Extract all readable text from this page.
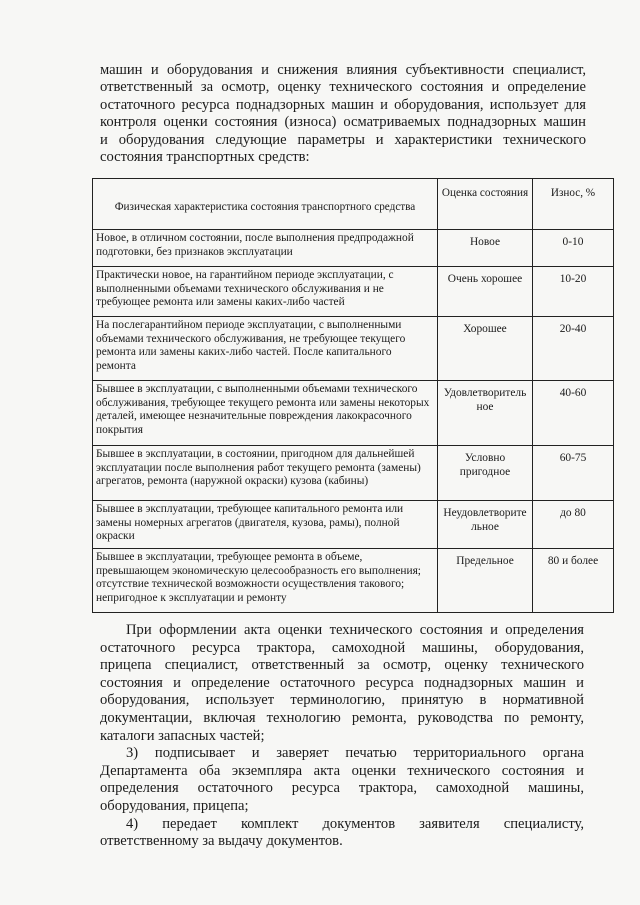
машин и оборудования и снижения влияния субъективности специалист,
ответственный за осмотр, оценку технического состояния и определение
остаточного ресурса поднадзорных машин и оборудования, использует для
контроля оценки состояния (износа) осматриваемых поднадзорных машин
и оборудования следующие параметры и характеристики технического
состояния транспортных средств:
Физическая характеристика состояния транспортного средства	Оценка состояния	Износ, %
Новое, в отличном состоянии, после выполнения предпродажной подготовки, без признаков эксплуатации	Новое	0-10
Практически новое, на гарантийном периоде эксплуатации, с выполненными объемами технического обслуживания и не требующее ремонта или замены каких-либо частей	Очень хорошее	10-20
На послегарантийном периоде эксплуатации, с выполненными объемами технического обслуживания, не требующее текущего ремонта или замены каких-либо частей. После капитального ремонта	Хорошее	20-40
Бывшее в эксплуатации, с выполненными объемами технического обслуживания, требующее текущего ремонта или замены некоторых деталей, имеющее незначительные повреждения лакокрасочного покрытия	Удовлетворитель ное	40-60
Бывшее в эксплуатации, в состоянии, пригодном для дальнейшей эксплуатации после выполнения работ текущего ремонта (замены) агрегатов, ремонта (наружной окраски) кузова (кабины)	Условно пригодное	60-75
Бывшее в эксплуатации, требующее капитального ремонта или замены номерных агрегатов (двигателя, кузова, рамы), полной окраски	Неудовлетворите льное	до 80
Бывшее в эксплуатации, требующее ремонта в объеме, превышающем экономическую целесообразность его выполнения; отсутствие технической возможности осуществления такового; непригодное к эксплуатации и ремонту	Предельное	80 и более
При оформлении акта оценки технического состояния и определения
остаточного ресурса трактора, самоходной машины, оборудования,
прицепа специалист, ответственный за осмотр, оценку технического
состояния и определение остаточного ресурса поднадзорных машин и
оборудования, использует терминологию, принятую в нормативной
документации, включая технологию ремонта, руководства по ремонту,
каталоги запасных частей;
3) подписывает и заверяет печатью территориального органа
Департамента оба экземпляра акта оценки технического состояния и
определения остаточного ресурса трактора, самоходной машины,
оборудования, прицепа;
4) передает комплект документов заявителя специалисту,
ответственному за выдачу документов.
